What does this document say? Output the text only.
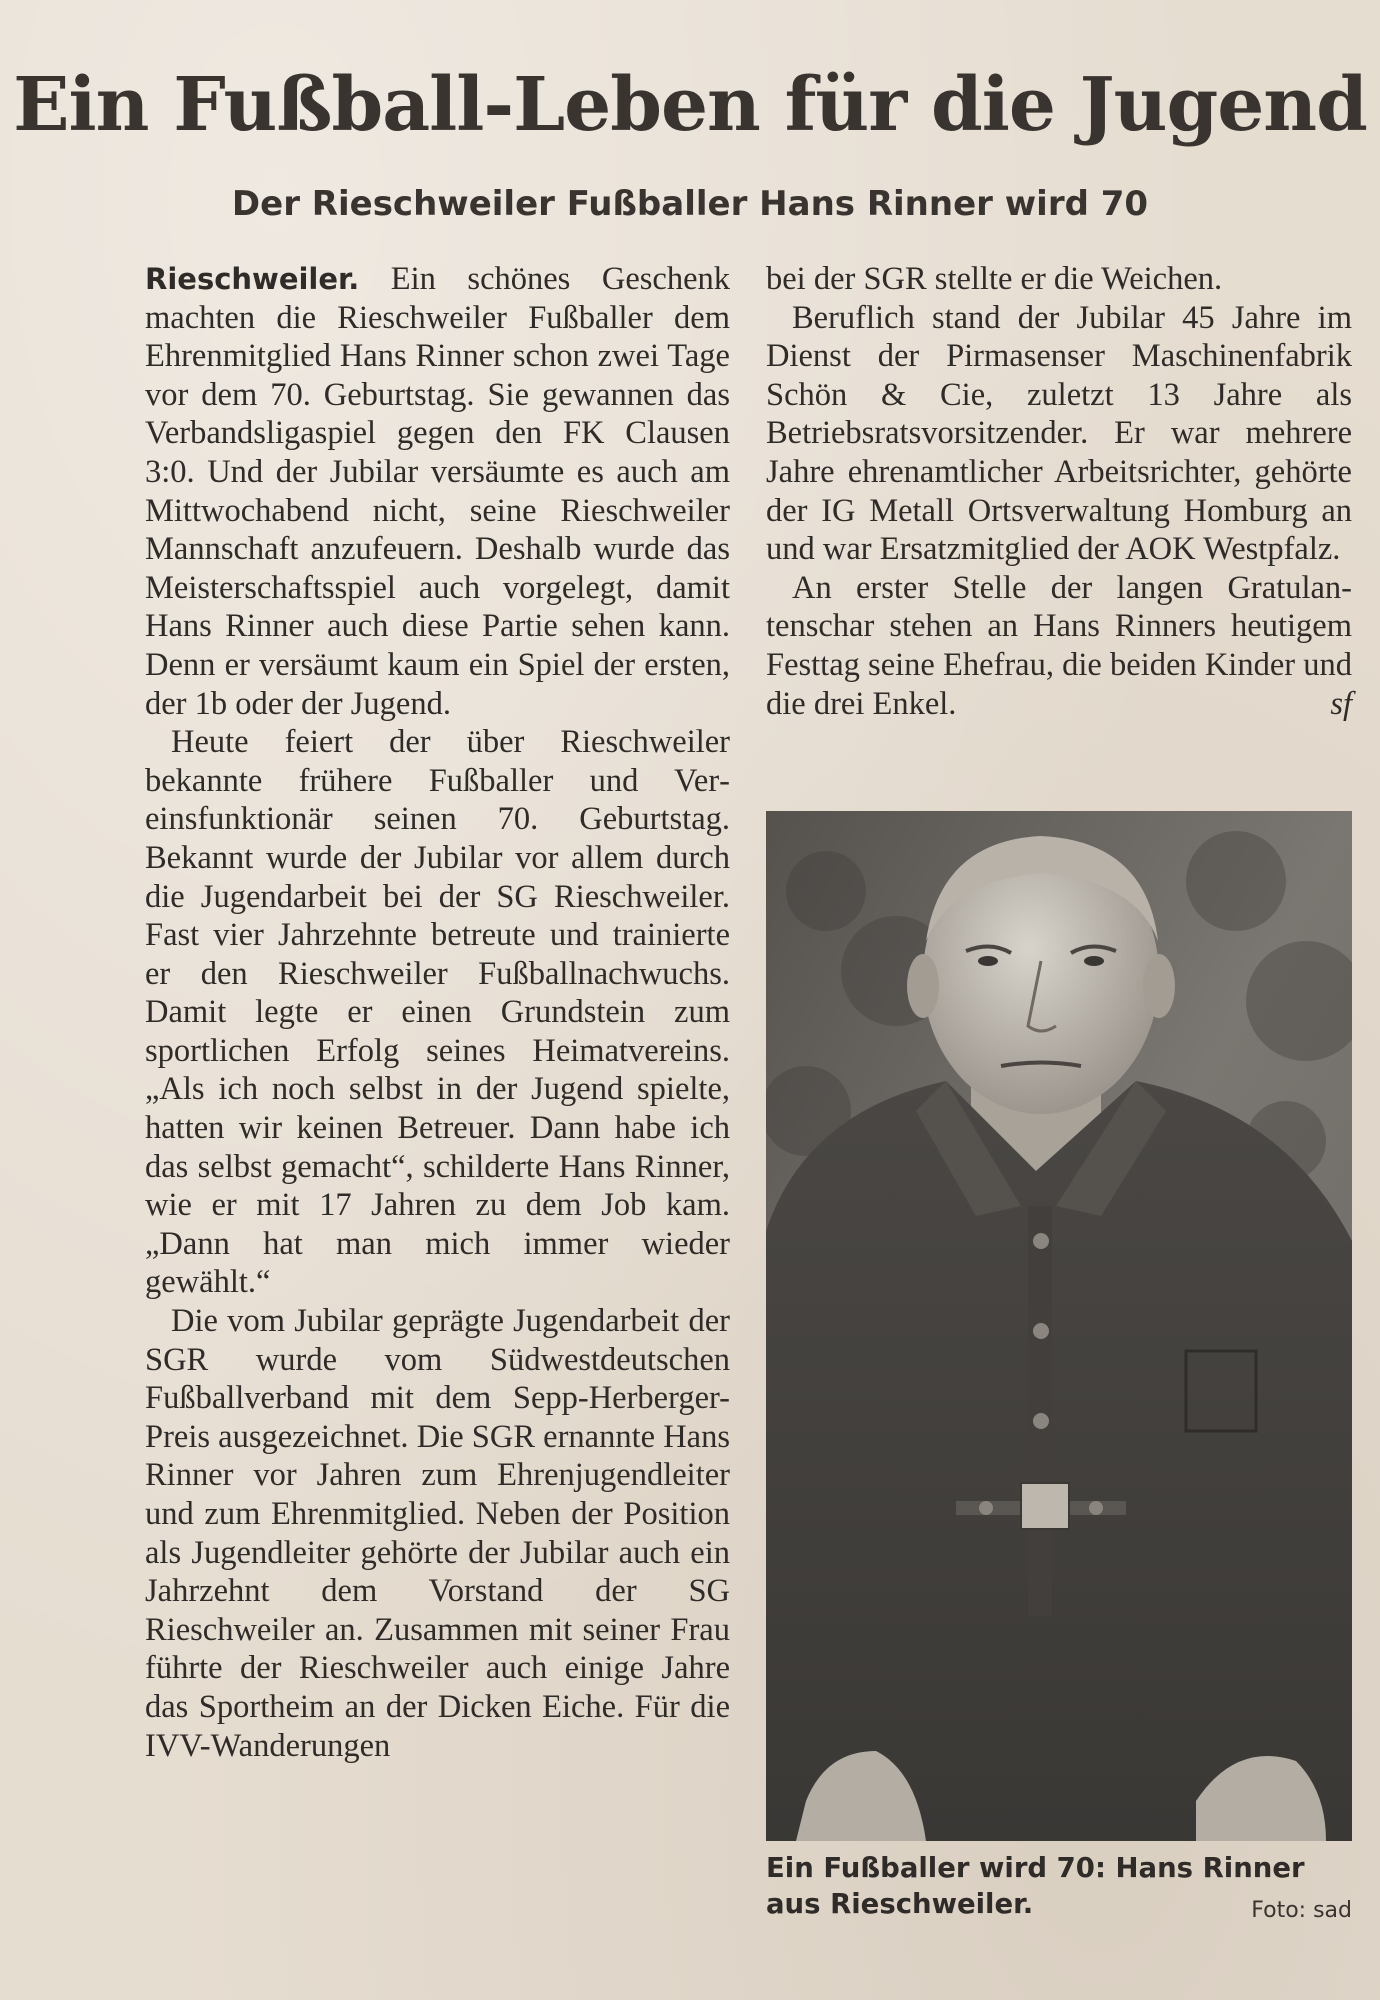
Ein Fußball-Leben für die Jugend
Der Rieschweiler Fußballer Hans Rinner wird 70

Rieschweiler. Ein schönes Geschenk machten die Rieschweiler Fußballer dem Ehrenmitglied Hans Rinner schon zwei Tage vor dem 70. Geburtstag. Sie gewannen das Verbandsligaspiel gegen den FK Clausen 3:0. Und der Jubilar versäumte es auch am Mittwochabend nicht, seine Rieschweiler Mannschaft anzufeuern. Deshalb wurde das Meisterschaftsspiel auch vorgelegt, damit Hans Rinner auch diese Partie sehen kann. Denn er versäumt kaum ein Spiel der ersten, der 1b oder der Jugend.

Heute feiert der über Rieschweiler bekannte frühere Fußballer und Vereinsfunktionär seinen 70. Geburtstag. Bekannt wurde der Jubilar vor allem durch die Jugendarbeit bei der SG Rieschweiler. Fast vier Jahrzehnte betreute und trainierte er den Rieschweiler Fußballnachwuchs. Damit legte er einen Grundstein zum sportlichen Erfolg seines Heimatvereins. „Als ich noch selbst in der Jugend spielte, hatten wir keinen Betreuer. Dann habe ich das selbst gemacht“, schilderte Hans Rinner, wie er mit 17 Jahren zu dem Job kam. „Dann hat man mich immer wieder gewählt.“

Die vom Jubilar geprägte Jugendarbeit der SGR wurde vom Südwestdeutschen Fußballverband mit dem Sepp-Herberger-Preis ausgezeichnet. Die SGR ernannte Hans Rinner vor Jahren zum Ehrenjugendleiter und zum Ehrenmitglied. Neben der Position als Jugendleiter gehörte der Jubilar auch ein Jahrzehnt dem Vorstand der SG Rieschweiler an. Zusammen mit seiner Frau führte der Rieschweiler auch einige Jahre das Sportheim an der Dicken Eiche. Für die IVV-Wanderungen

bei der SGR stellte er die Weichen.

Beruflich stand der Jubilar 45 Jahre im Dienst der Pirmasenser Maschinenfabrik Schön & Cie, zuletzt 13 Jahre als Betriebsratsvorsitzender. Er war mehrere Jahre ehrenamtlicher Arbeitsrichter, gehörte der IG Metall Ortsverwaltung Homburg an und war Ersatzmitglied der AOK Westpfalz.

An erster Stelle der langen Gratulantenschar stehen an Hans Rinners heutigem Festtag seine Ehefrau, die beiden Kinder und die drei Enkel.	sf

Ein Fußballer wird 70: Hans Rinner aus Rieschweiler.	Foto: sad
